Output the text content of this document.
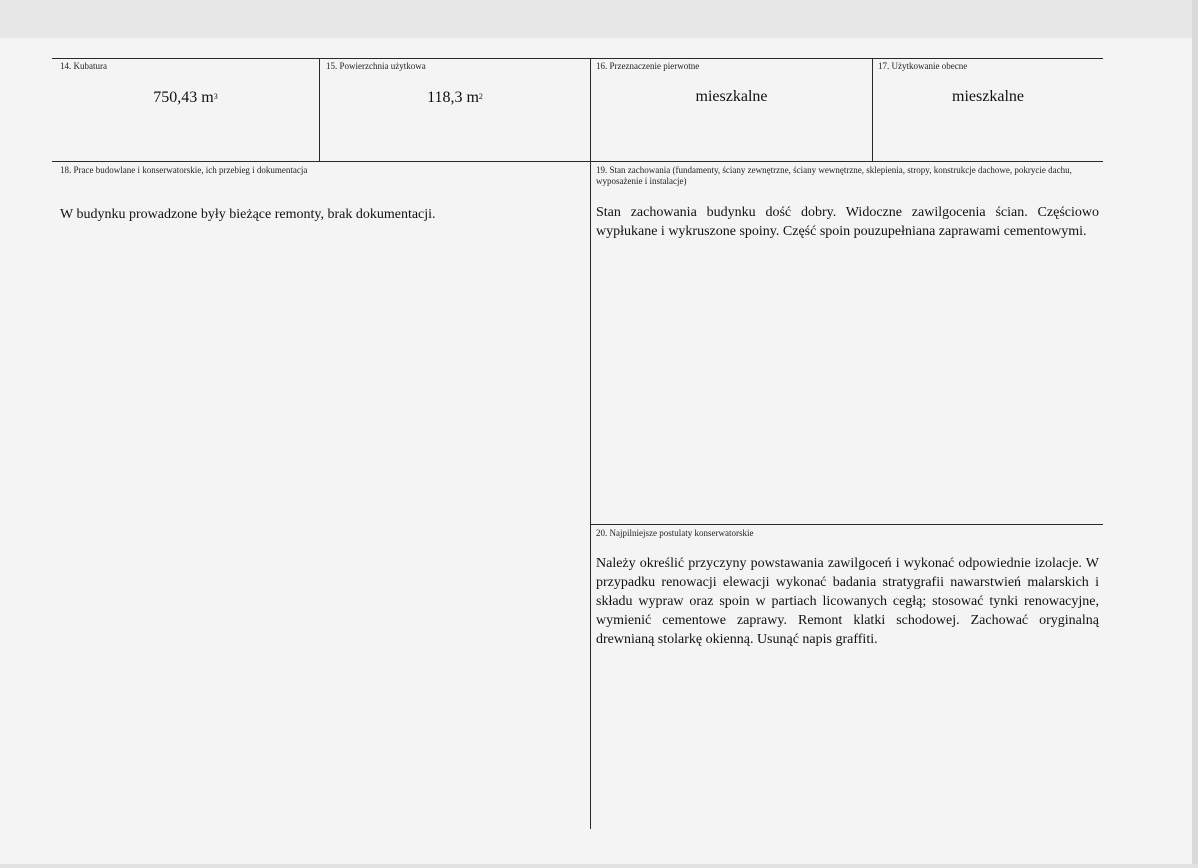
14. Kubatura
750,43 $m^3$
15. Powierzchnia użytkowa
118,3 $m^2$
16. Przeznaczenie pierwotne
mieszkalne
17. Użytkowanie obecne
mieszkalne
18. Prace budowlane i konserwatorskie, ich przebieg i dokumentacja
W budynku prowadzone były bieżące remonty, brak dokumentacji.
19. Stan zachowania (fundamenty, ściany zewnętrzne, ściany wewnętrzne, sklepienia, stropy, konstrukcje dachowe, pokrycie dachu, wyposażenie i instalacje)
Stan zachowania budynku dość dobry. Widoczne zawilgocenia ścian. Częściowo wypłukane i wykruszone spoiny. Część spoin pouzupełniana zaprawami cementowymi.
20. Najpilniejsze postulaty konserwatorskie
Należy określić przyczyny powstawania zawilgoceń i wykonać odpowiednie izolacje. W przypadku renowacji elewacji wykonać badania stratygrafii nawarstwień malarskich i składu wypraw oraz spoin w partiach licowanych cegłą; stosować tynki renowacyjne, wymienić cementowe zaprawy. Remont klatki schodowej. Zachować oryginalną drewnianą stolarkę okienną. Usunąć napis graffiti.
